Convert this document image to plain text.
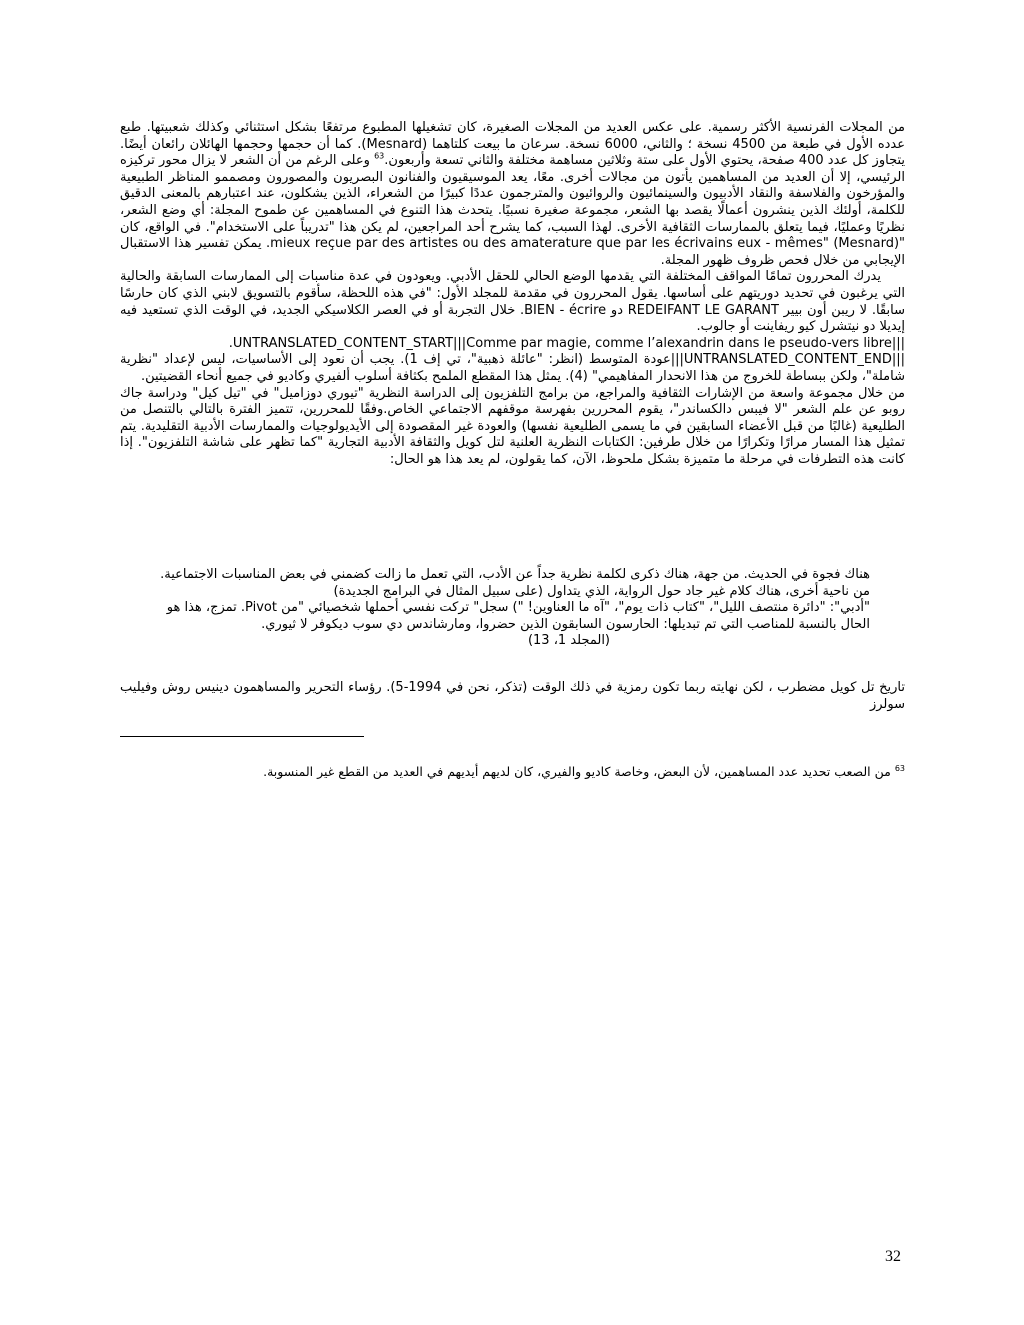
من المجلات الفرنسية الأكثر رسمية. على عكس العديد من المجلات الصغيرة، كان تشغيلها المطبوع مرتفعًا بشكل استثنائي وكذلك شعبيتها. طبع عدده الأول في طبعة من 4500 نسخة ؛ والثاني، 6000 نسخة. سرعان ما بيعت كلتاهما (Mesnard). كما أن حجمها وحجمها الهائلان رائعان أيضًا. يتجاوز كل عدد 400 صفحة، يحتوي الأول على ستة وثلاثين مساهمة مختلفة والثاني تسعة وأربعون.$^{63}$ وعلى الرغم من أن الشعر لا يزال محور تركيزه الرئيسي، إلا أن العديد من المساهمين يأتون من مجالات أخرى. معًا، يعد الموسيقيون والفنانون البصريون والمصورون ومصممو المناظر الطبيعية والمؤرخون والفلاسفة والنقاد الأدبيون والسينمائيون والروائيون والمترجمون عددًا كبيرًا من الشعراء، الذين يشكلون، عند اعتبارهم بالمعنى الدقيق للكلمة، أولئك الذين ينشرون أعمالًا يقصد بها الشعر، مجموعة صغيرة نسبيًا. يتحدث هذا التنوع في المساهمين عن طموح المجلة: أي وضع الشعر، نظريًا وعمليًا، فيما يتعلق بالممارسات الثقافية الأخرى. لهذا السبب، كما يشرح أحد المراجعين، لم يكن هذا "تدريباً على الاستخدام". في الواقع، كان "mieux reçue par des artistes ou des amaterature que par les écrivains eux - mêmes" (Mesnard). يمكن تفسير هذا الاستقبال الإيجابي من خلال فحص ظروف ظهور المجلة.

يدرك المحررون تمامًا المواقف المختلفة التي يقدمها الوضع الحالي للحقل الأدبي. ويعودون في عدة مناسبات إلى الممارسات السابقة والحالية التي يرغبون في تحديد دوريتهم على أساسها. يقول المحررون في مقدمة للمجلد الأول: "في هذه اللحظة، سأقوم بالتسويق لابني الذي كان حارسًا سابقًا. لا ريبن أون بيير REDEIFANT LE GARANT دو BIEN - écrire. خلال التجربة أو في العصر الكلاسيكي الجديد، في الوقت الذي تستعيد فيه إيديلا دو نيتشرل كيو ريفاينت أو جالوب.

.UNTRANSLATED_CONTENT_START|||Comme par magie, comme l’alexandrin dans le pseudo-vers libre|||

|||UNTRANSLATED_CONTENT_END|||عودة المتوسط (انظر: "عائلة ذهبية"، تي إف 1). يجب أن نعود إلى الأساسيات، ليس لإعداد "نظرية شاملة"، ولكن ببساطة للخروج من هذا الانحدار المفاهيمي" (4). يمثل هذا المقطع الملمح بكثافة أسلوب ألفيري وكاديو في جميع أنحاء القضيتين.

من خلال مجموعة واسعة من الإشارات الثقافية والمراجع، من برامج التلفزيون إلى الدراسة النظرية "تيوري دوزاميل" في "تيل كيل" ودراسة جاك روبو عن علم الشعر "لا فيبس دالكساندر"، يقوم المحررين بفهرسة موقفهم الاجتماعي الخاص.وفقًا للمحررين، تتميز الفترة بالتالي بالتنصل من الطليعية (غالبًا من قبل الأعضاء السابقين في ما يسمى الطليعية نفسها) والعودة غير المقصودة إلى الأيديولوجيات والممارسات الأدبية التقليدية. يتم تمثيل هذا المسار مرارًا وتكرارًا من خلال طرفين: الكتابات النظرية العلنية لتل كويل والثقافة الأدبية التجارية "كما تظهر على شاشة التلفزيون". إذا كانت هذه التطرفات في مرحلة ما متميزة بشكل ملحوظ، الآن، كما يقولون، لم يعد هذا هو الحال:

هناك فجوة في الحديث. من جهة، هناك ذكرى لكلمة نظرية جداً عن الأدب، التي تعمل ما زالت كضمني في بعض المناسبات الاجتماعية. من ناحية أخرى، هناك كلام غير جاد حول الرواية، الذي يتداول (على سبيل المثال في البرامج الجديدة)

"أدبي": "دائرة منتصف الليل"، "كتاب ذات يوم"، "آه ما العناوين! ") سجل" تركت نفسي أحملها شخصيائي "من Pivot. تمزج، هذا هو الحال بالنسبة للمناصب التي تم تبديلها: الحارسون السابقون الذين حضروا، ومارشاندس دي سوب ديكوفر لا ثيوري.

(المجلد 1، 13)

تاريخ تل كويل مضطرب ، لكن نهايته ربما تكون رمزية في ذلك الوقت (تذكر، نحن في 1994-5). رؤساء التحرير والمساهمون دينيس روش وفيليب سولرز

$^{63}$ من الصعب تحديد عدد المساهمين، لأن البعض، وخاصة كاديو والفيري، كان لديهم أيديهم في العديد من القطع غير المنسوبة.

32
